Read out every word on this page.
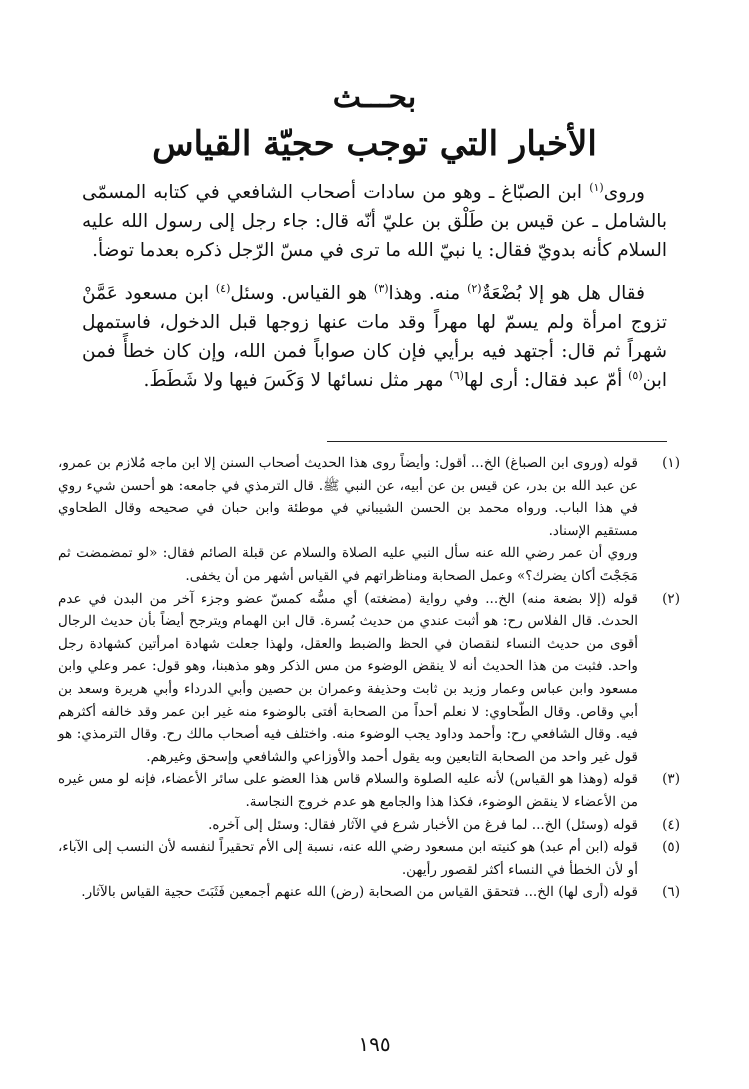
بحـــث
الأخبار التي توجب حجيّة القياس

وروى$^{(١)}$ ابن الصبّاغ ـ وهو من سادات أصحاب الشافعي في كتابه المسمّى بالشامل ـ عن قيس بن طَلْق بن عليّ أنّه قال: جاء رجل إلى رسول الله عليه السلام كأنه بدويّ فقال: يا نبيّ الله ما ترى في مسّ الرّجل ذكره بعدما توضأ.

فقال هل هو إلا بُضْعَةٌ$^{(٢)}$ منه. وهذا$^{(٣)}$ هو القياس. وسئل$^{(٤)}$ ابن مسعود عَمَّنْ تزوج امرأة ولم يسمّ لها مهراً وقد مات عنها زوجها قبل الدخول، فاستمهل شهراً ثم قال: أجتهد فيه برأيي فإن كان صواباً فمن الله، وإن كان خطأً فمن ابن$^{(٥)}$ أمّ عبد فقال: أرى لها$^{(٦)}$ مهر مثل نسائها لا وَكَسَ فيها ولا شَطَطَ.

(١)
قوله (وروى ابن الصباغ) الخ... أقول: وأيضاً روى هذا الحديث أصحاب السنن إلا ابن ماجه مُلازم بن عمرو، عن عبد الله بن بدر، عن قيس بن عن أبيه، عن النبي ﷺ. قال الترمذي في جامعه: هو أحسن شيء روي في هذا الباب. ورواه محمد بن الحسن الشيباني في موطئة وابن حبان في صحيحه وقال الطحاوي مستقيم الإسناد.
وروي أن عمر رضي الله عنه سأل النبي عليه الصلاة والسلام عن قبلة الصائم فقال: «لو تمضمضت ثم مَجَجْتَ أكان يضرك؟» وعمل الصحابة ومناظراتهم في القياس أشهر من أن يخفى.
(٢)
قوله (إلا بضعة منه) الخ... وفي رواية (مضغته) أي مسُّه كمسّ عضو وجزء آخر من البدن في عدم الحدث. قال الفلاس رح: هو أثبت عندي من حديث بُسرة. قال ابن الهمام ويترجح أيضاً بأن حديث الرجال أقوى من حديث النساء لنقصان في الحظ والضبط والعقل، ولهذا جعلت شهادة امرأتين كشهادة رجل واحد. فثبت من هذا الحديث أنه لا ينقض الوضوء من مس الذكر وهو مذهبنا، وهو قول: عمر وعلي وابن مسعود وابن عباس وعمار وزيد بن ثابت وحذيفة وعمران بن حصين وأبي الدرداء وأبي هريرة وسعد بن أبي وقاص. وقال الطّحاوي: لا نعلم أحداً من الصحابة أفتى بالوضوء منه غير ابن عمر وقد خالفه أكثرهم فيه. وقال الشافعي رح: وأحمد وداود يجب الوضوء منه. واختلف فيه أصحاب مالك رح. وقال الترمذي: هو قول غير واحد من الصحابة التابعين وبه يقول أحمد والأوزاعي والشافعي وإسحق وغيرهم.
(٣)
قوله (وهذا هو القياس) لأنه عليه الصلوة والسلام قاس هذا العضو على سائر الأعضاء، فإنه لو مس غيره من الأعضاء لا ينقض الوضوء، فكذا هذا والجامع هو عدم خروج النجاسة.
(٤)
قوله (وسئل) الخ... لما فرغ من الأخبار شرع في الآثار فقال: وسئل إلى آخره.
(٥)
قوله (ابن أم عبد) هو كنيته ابن مسعود رضي الله عنه، نسبة إلى الأم تحقيراً لنفسه لأن النسب إلى الآباء، أو لأن الخطأ في النساء أكثر لقصور رأيهن.
(٦)
قوله (أرى لها) الخ... فتحقق القياس من الصحابة (رض) الله عنهم أجمعين فَثَبَتَ حجية القياس بالآثار.
١٩٥
